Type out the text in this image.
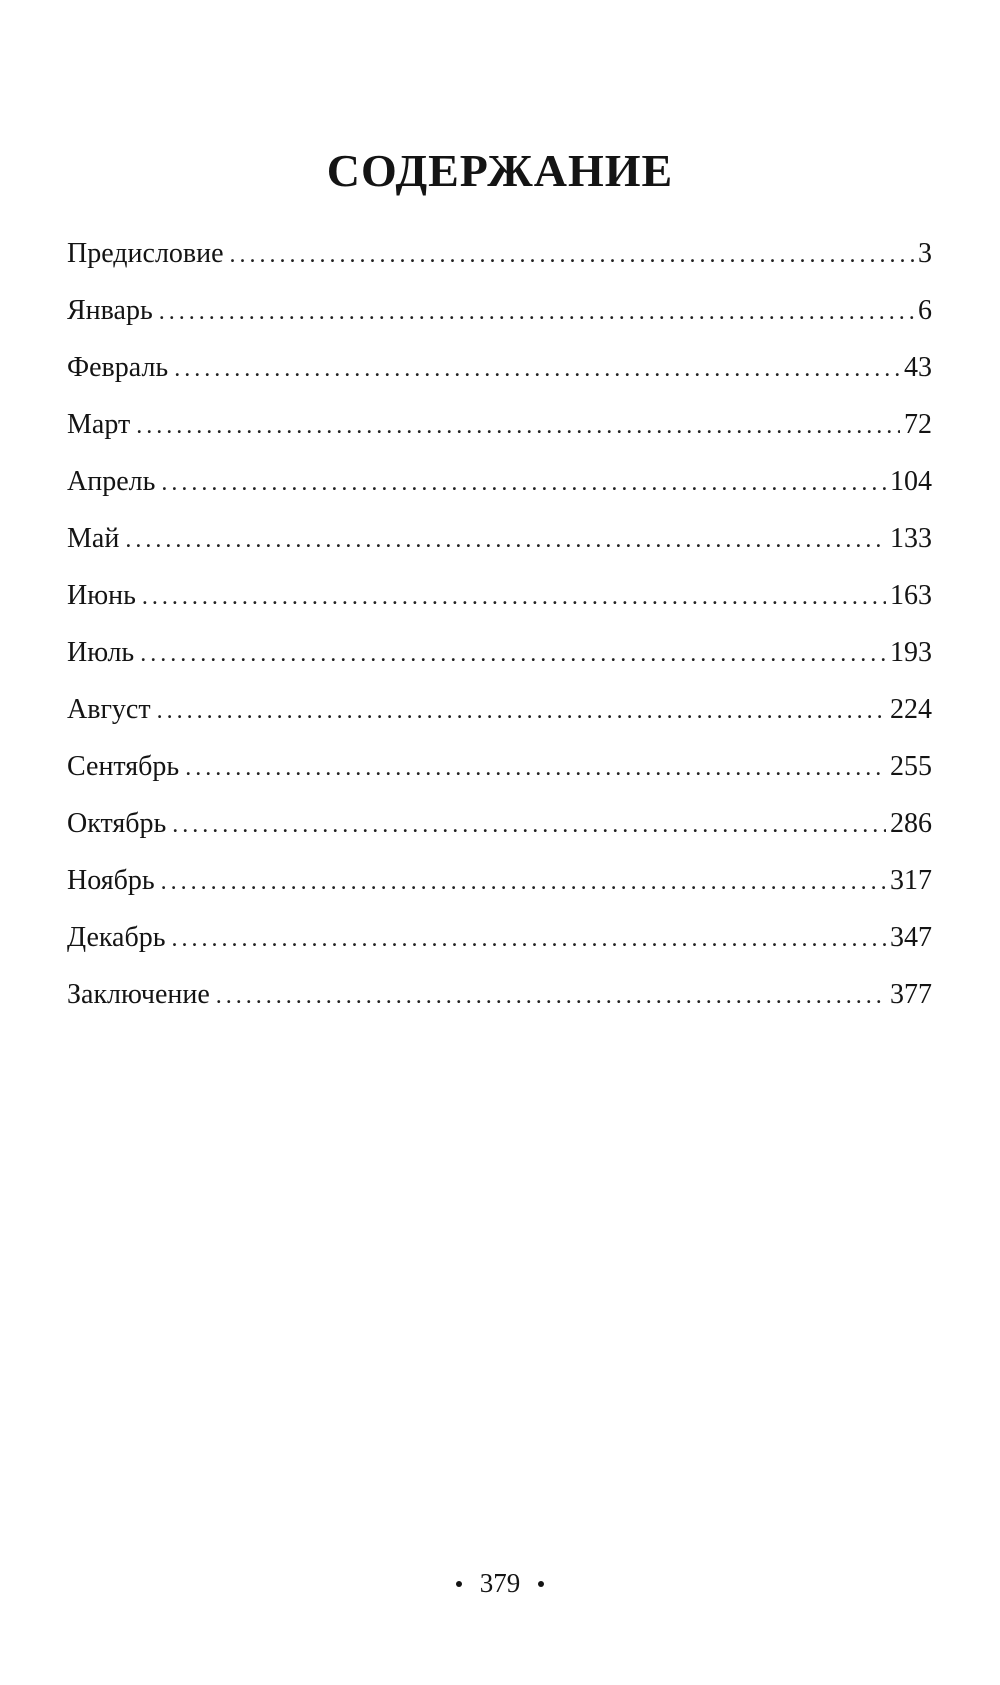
СОДЕРЖАНИЕ
Предисловие . . .	3
Январь . . .	6
Февраль . . .	43
Март . . .	72
Апрель . . .	104
Май . . .	133
Июнь . . .	163
Июль . . .	193
Август . . .	224
Сентябрь . . .	255
Октябрь . . .	286
Ноябрь . . .	317
Декабрь . . .	347
Заключение . . .	377
379
